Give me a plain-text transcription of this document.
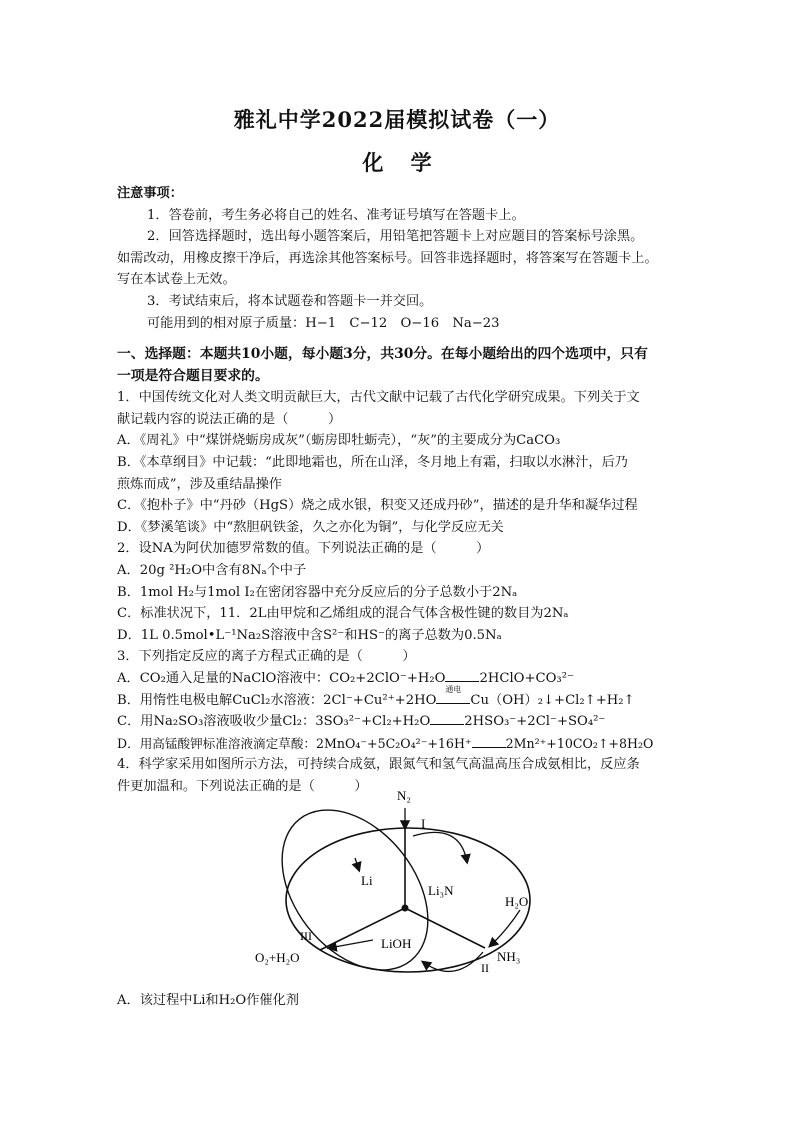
雅礼中学2022届模拟试卷（一）
化 学
注意事项：
1．答卷前，考生务必将自己的姓名、准考证号填写在答题卡上。
2．回答选择题时，选出每小题答案后，用铅笔把答题卡上对应题目的答案标号涂黑。
如需改动，用橡皮擦干净后，再选涂其他答案标号。回答非选择题时，将答案写在答题卡上。
写在本试卷上无效。
3．考试结束后，将本试题卷和答题卡一并交回。
可能用到的相对原子质量：H−1　C−12　O−16　Na−23
一、选择题：本题共10小题，每小题3分，共30分。在每小题给出的四个选项中，只有
一项是符合题目要求的。
1．中国传统文化对人类文明贡献巨大，古代文献中记载了古代化学研究成果。下列关于文
献记载内容的说法正确的是（　　　）
A．《周礼》中“煤饼烧蛎房成灰”（蛎房即牡蛎壳），“灰”的主要成分为CaCO₃
B．《本草纲目》中记载：“此即地霜也，所在山泽，冬月地上有霜，扫取以水淋汁，后乃
煎炼而成”，涉及重结晶操作
C．《抱朴子》中“丹砂（HgS）烧之成水银，积变又还成丹砂”，描述的是升华和凝华过程
D．《梦溪笔谈》中“熬胆矾铁釜，久之亦化为铜”，与化学反应无关
2．设NA为阿伏加德罗常数的值。下列说法正确的是（　　　）
A．20g ²H₂O中含有8Nₐ个中子
B．1mol H₂与1mol I₂在密闭容器中充分反应后的分子总数小于2Nₐ
C．标准状况下，11．2L由甲烷和乙烯组成的混合气体含极性键的数目为2Nₐ
D．1L 0.5mol•L⁻¹Na₂S溶液中含S²⁻和HS⁻的离子总数为0.5Nₐ
3．下列指定反应的离子方程式正确的是（　　　）
A．CO₂通入足量的NaClO溶液中：CO₂+2ClO⁻+H₂O	2HClO+CO₃²⁻
B．用惰性电极电解CuCl₂水溶液：2Cl⁻+Cu²⁺+2HO
通电
Cu（OH）₂↓+Cl₂↑+H₂↑
C．用Na₂SO₃溶液吸收少量Cl₂：3SO₃²⁻+Cl₂+H₂O	2HSO₃⁻+2Cl⁻+SO₄²⁻
D．用高锰酸钾标准溶液滴定草酸：2MnO₄⁻+5C₂O₄²⁻+16H⁺	2Mn²⁺+10CO₂↑+8H₂O
4．科学家采用如图所示方法，可持续合成氨，跟氮气和氢气高温高压合成氨相比，反应条
件更加温和。下列说法正确的是（　　　）
N₂
I
Li
Li₃N
H₂O
NH₃
II
LiOH
III
O₂+H₂O
A．该过程中Li和H₂O作催化剂
